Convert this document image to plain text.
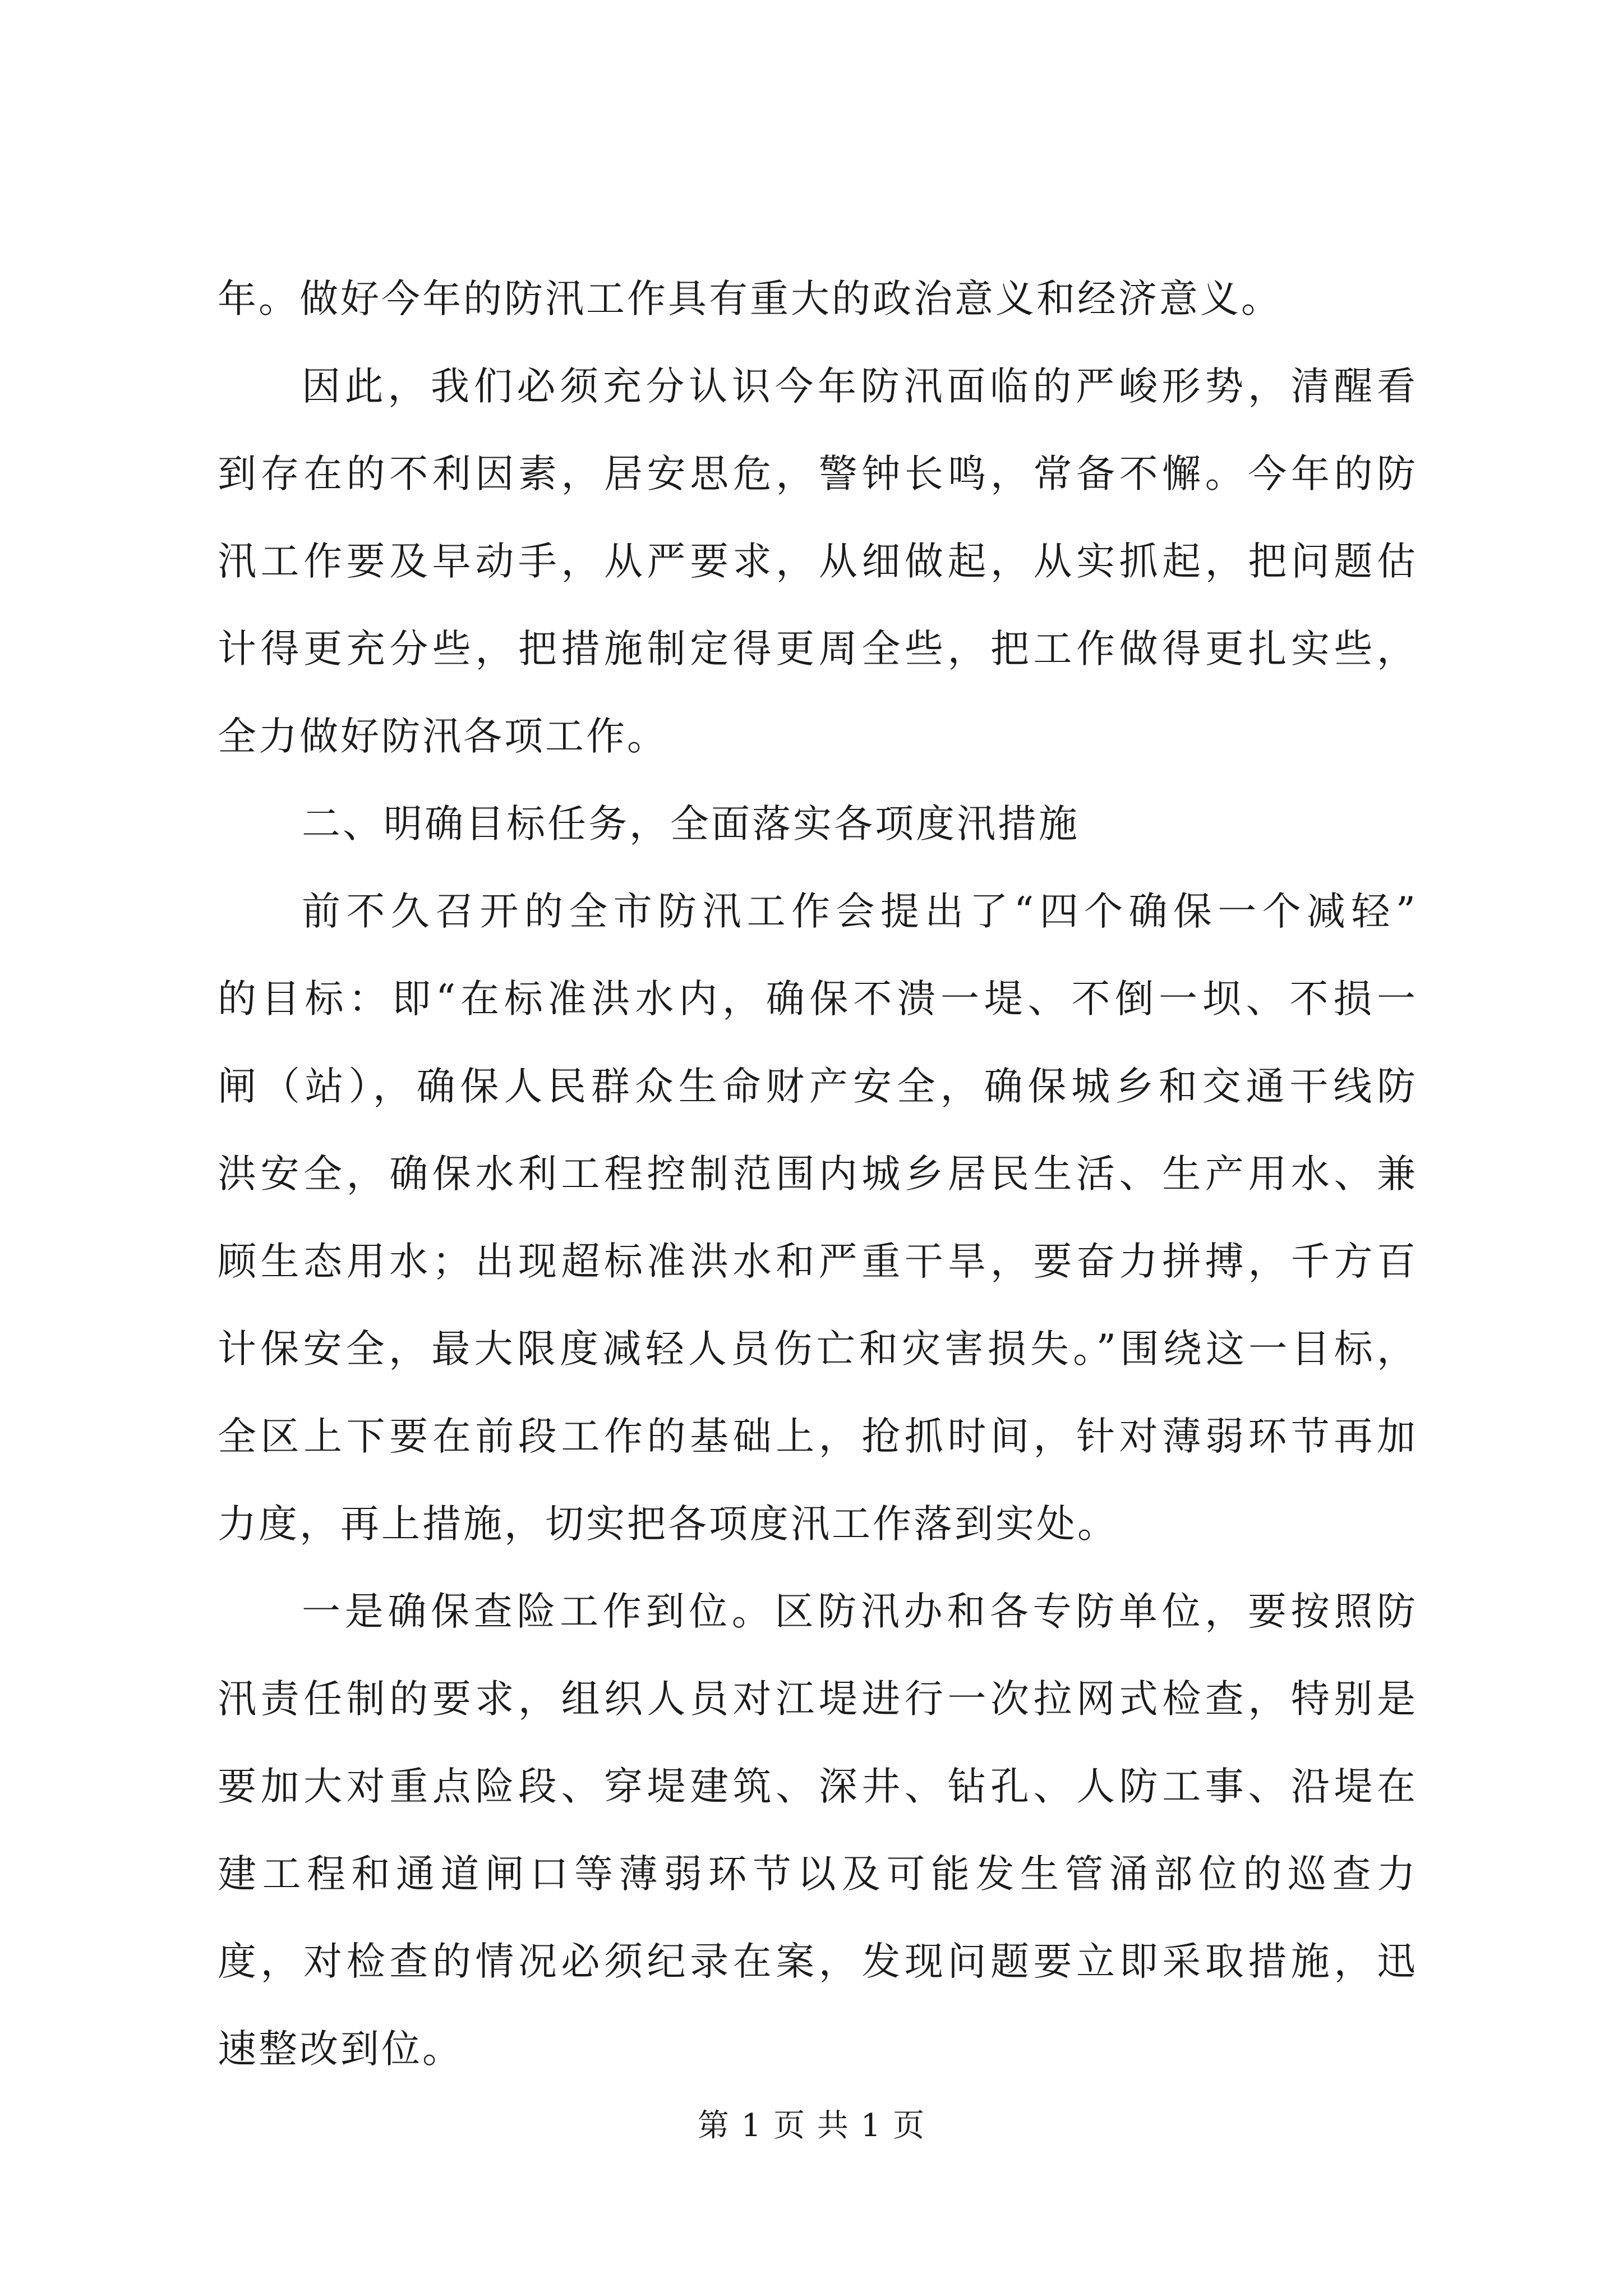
年。做好今年的防汛工作具有重大的政治意义和经济意义。
因此，我们必须充分认识今年防汛面临的严峻形势，清醒看
到存在的不利因素，居安思危，警钟长鸣，常备不懈。今年的防
汛工作要及早动手，从严要求，从细做起，从实抓起，把问题估
计得更充分些，把措施制定得更周全些，把工作做得更扎实些，
全力做好防汛各项工作。
二、明确目标任务，全面落实各项度汛措施
前不久召开的全市防汛工作会提出了“四个确保一个减轻”
的目标：即“在标准洪水内，确保不溃一堤、不倒一坝、不损一
闸（站），确保人民群众生命财产安全，确保城乡和交通干线防
洪安全，确保水利工程控制范围内城乡居民生活、生产用水、兼
顾生态用水；出现超标准洪水和严重干旱，要奋力拼搏，千方百
计保安全，最大限度减轻人员伤亡和灾害损失。”围绕这一目标，
全区上下要在前段工作的基础上，抢抓时间，针对薄弱环节再加
力度，再上措施，切实把各项度汛工作落到实处。
一是确保查险工作到位。区防汛办和各专防单位，要按照防
汛责任制的要求，组织人员对江堤进行一次拉网式检查，特别是
要加大对重点险段、穿堤建筑、深井、钻孔、人防工事、沿堤在
建工程和通道闸口等薄弱环节以及可能发生管涌部位的巡查力
度，对检查的情况必须纪录在案，发现问题要立即采取措施，迅
速整改到位。
第 1 页 共 1 页
